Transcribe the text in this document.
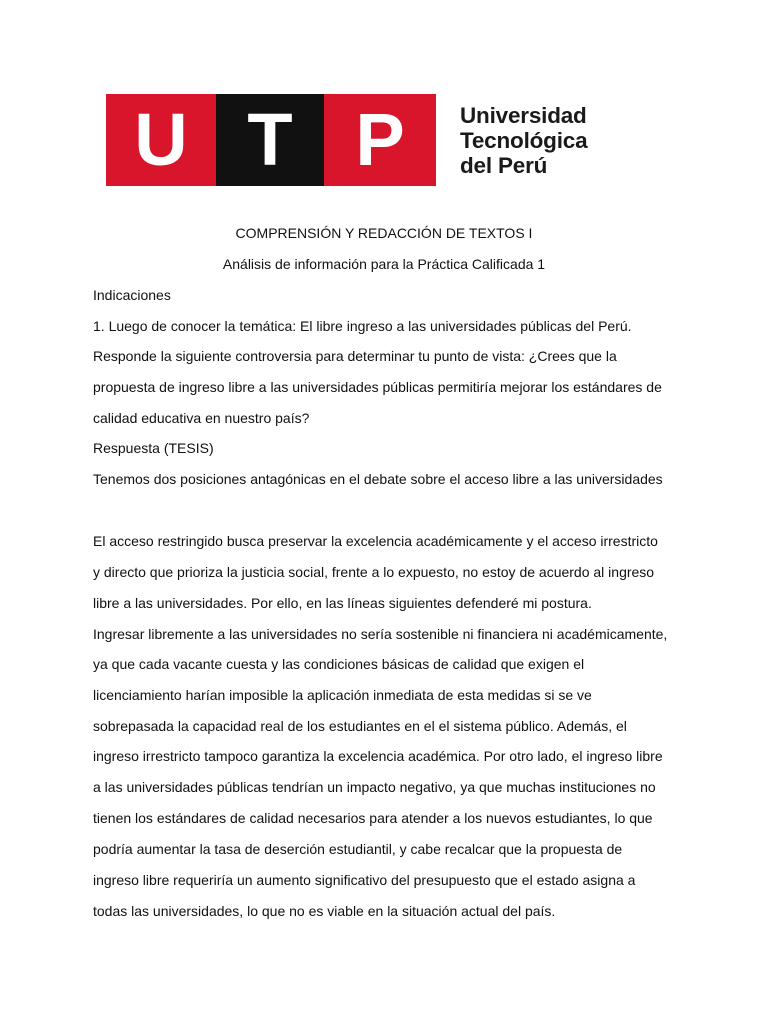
U T P	Universidad
Tecnológica
del Perú
COMPRENSIÓN Y REDACCIÓN DE TEXTOS I
Análisis de información para la Práctica Calificada 1
Indicaciones
1. Luego de conocer la temática: El libre ingreso a las universidades públicas del Perú.
Responde la siguiente controversia para determinar tu punto de vista: ¿Crees que la
propuesta de ingreso libre a las universidades públicas permitiría mejorar los estándares de
calidad educativa en nuestro país?
Respuesta (TESIS)
Tenemos dos posiciones antagónicas en el debate sobre el acceso libre a las universidades
El acceso restringido busca preservar la excelencia académicamente y el acceso irrestricto
y directo que prioriza la justicia social, frente a lo expuesto, no estoy de acuerdo al ingreso
libre a las universidades. Por ello, en las líneas siguientes defenderé mi postura.
Ingresar libremente a las universidades no sería sostenible ni financiera ni académicamente,
ya que cada vacante cuesta y las condiciones básicas de calidad que exigen el
licenciamiento harían imposible la aplicación inmediata de esta medidas si se ve
sobrepasada la capacidad real de los estudiantes en el el sistema público. Además, el
ingreso irrestricto tampoco garantiza la excelencia académica. Por otro lado, el ingreso libre
a las universidades públicas tendrían un impacto negativo, ya que muchas instituciones no
tienen los estándares de calidad necesarios para atender a los nuevos estudiantes, lo que
podría aumentar la tasa de deserción estudiantil, y cabe recalcar que la propuesta de
ingreso libre requeriría un aumento significativo del presupuesto que el estado asigna a
todas las universidades, lo que no es viable en la situación actual del país.
